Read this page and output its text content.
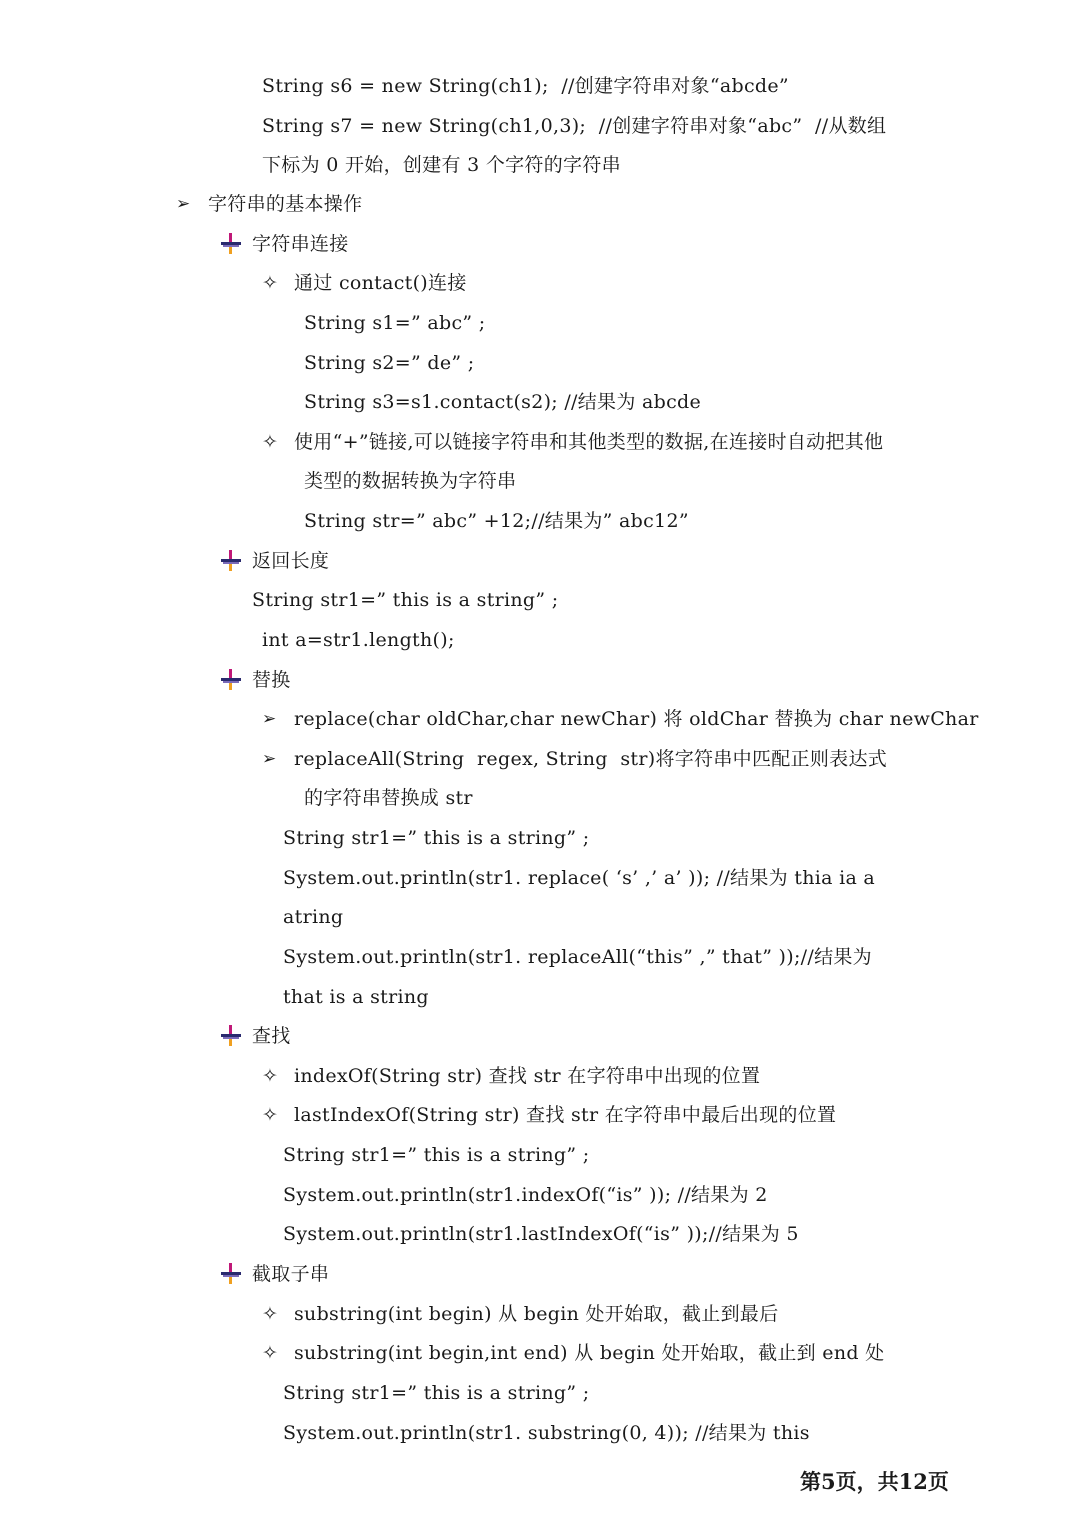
String s6 = new String(ch1);  //创建字符串对象“abcde”
String s7 = new String(ch1,0,3);  //创建字符串对象“abc”  //从数组
下标为 0 开始，创建有 3 个字符的字符串
➢ 字符串的基本操作
字符串连接
✧ 通过 contact()连接
String s1=” abc” ;
String s2=” de” ;
String s3=s1.contact(s2); //结果为 abcde
✧ 使用“+”链接,可以链接字符串和其他类型的数据,在连接时自动把其他
类型的数据转换为字符串
String str=” abc” +12;//结果为” abc12”
返回长度
String str1=” this is a string” ;
int a=str1.length();
替换
➢ replace(char oldChar,char newChar) 将 oldChar 替换为 char newChar
➢ replaceAll(String  regex, String  str)将字符串中匹配正则表达式
的字符串替换成 str
String str1=” this is a string” ;
System.out.println(str1. replace( ‘s’ ,’ a’ )); //结果为 thia ia a
atring
System.out.println(str1. replaceAll(“this” ,” that” ));//结果为
that is a string
查找
✧ indexOf(String str) 查找 str 在字符串中出现的位置
✧ lastIndexOf(String str) 查找 str 在字符串中最后出现的位置
String str1=” this is a string” ;
System.out.println(str1.indexOf(“is” )); //结果为 2
System.out.println(str1.lastIndexOf(“is” ));//结果为 5
截取子串
✧ substring(int begin) 从 begin 处开始取，截止到最后
✧ substring(int begin,int end) 从 begin 处开始取，截止到 end 处
String str1=” this is a string” ;
System.out.println(str1. substring(0, 4)); //结果为 this
第5页，共12页
